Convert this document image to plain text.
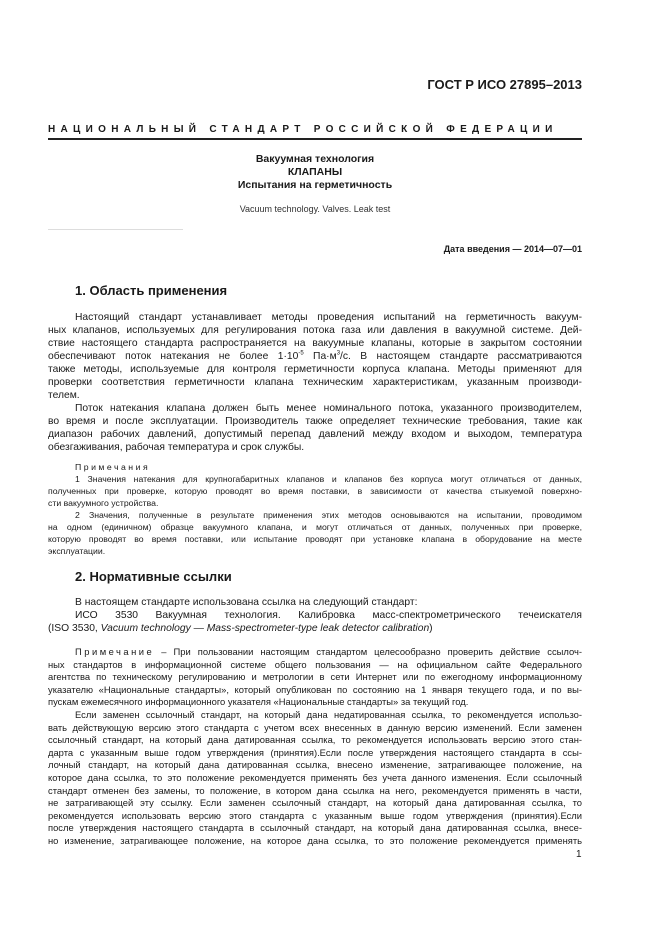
ГОСТ Р ИСО 27895–2013
НАЦИОНАЛЬНЫЙ СТАНДАРТ РОССИЙСКОЙ ФЕДЕРАЦИИ
Вакуумная технология
КЛАПАНЫ
Испытания на герметичность
Vacuum technology. Valves. Leak test
Дата введения — 2014—07—01
1. Область применения
Настоящий стандарт устанавливает методы проведения испытаний на герметичность вакуум-
ных клапанов, используемых для регулирования потока газа или давления в вакуумной системе. Дей-
ствие настоящего стандарта распространяется на вакуумные клапаны, которые в закрытом состоянии
обеспечивают поток натекания не более $1\cdot 10^{-5}$ $Па\cdot м^3/с$. В настоящем стандарте рассматриваются
также методы, используемые для контроля герметичности корпуса клапана. Методы применяют для
проверки соответствия герметичности клапана техническим характеристикам, указанным производи-
телем.
Поток натекания клапана должен быть менее номинального потока, указанного производителем,
во время и после эксплуатации. Производитель также определяет технические требования, такие как
диапазон рабочих давлений, допустимый перепад давлений между входом и выходом, температура
обезгаживания, рабочая температура и срок службы.
Примечания
1 Значения натекания для крупногабаритных клапанов и клапанов без корпуса могут отличаться от данных,
полученных при проверке, которую проводят во время поставки, в зависимости от качества стыкуемой поверхно-
сти вакуумного устройства.
2 Значения, полученные в результате применения этих методов основываются на испытании, проводимом
на одном (единичном) образце вакуумного клапана, и могут отличаться от данных, полученных при проверке,
которую проводят во время поставки, или испытание проводят при установке клапана в оборудование на месте
эксплуатации.
2. Нормативные ссылки
В настоящем стандарте использована ссылка на следующий стандарт:
ИСО 3530 Вакуумная технология. Калибровка масс-спектрометрического течеискателя
(ISO 3530, Vacuum technology — Mass-spectrometer-type leak detector calibration)
Примечание – При пользовании настоящим стандартом целесообразно проверить действие ссылоч-
ных стандартов в информационной системе общего пользования — на официальном сайте Федерального
агентства по техническому регулированию и метрологии в сети Интернет или по ежегодному информационному
указателю «Национальные стандарты», который опубликован по состоянию на 1 января текущего года, и по вы-
пускам ежемесячного информационного указателя «Национальные стандарты» за текущий год.
Если заменен ссылочный стандарт, на который дана недатированная ссылка, то рекомендуется использо-
вать действующую версию этого стандарта с учетом всех внесенных в данную версию изменений. Если заменен
ссылочный стандарт, на который дана датированная ссылка, то рекомендуется использовать версию этого стан-
дарта с указанным выше годом утверждения (принятия).Если после утверждения настоящего стандарта в ссы-
лочный стандарт, на который дана датированная ссылка, внесено изменение, затрагивающее положение, на
которое дана ссылка, то это положение рекомендуется применять без учета данного изменения. Если ссылочный
стандарт отменен без замены, то положение, в котором дана ссылка на него, рекомендуется применять в части,
не затрагивающей эту ссылку. Если заменен ссылочный стандарт, на который дана датированная ссылка, то
рекомендуется использовать версию этого стандарта с указанным выше годом утверждения (принятия).Если
после утверждения настоящего стандарта в ссылочный стандарт, на который дана датированная ссылка, внесе-
но изменение, затрагивающее положение, на которое дана ссылка, то это положение рекомендуется применять
1
